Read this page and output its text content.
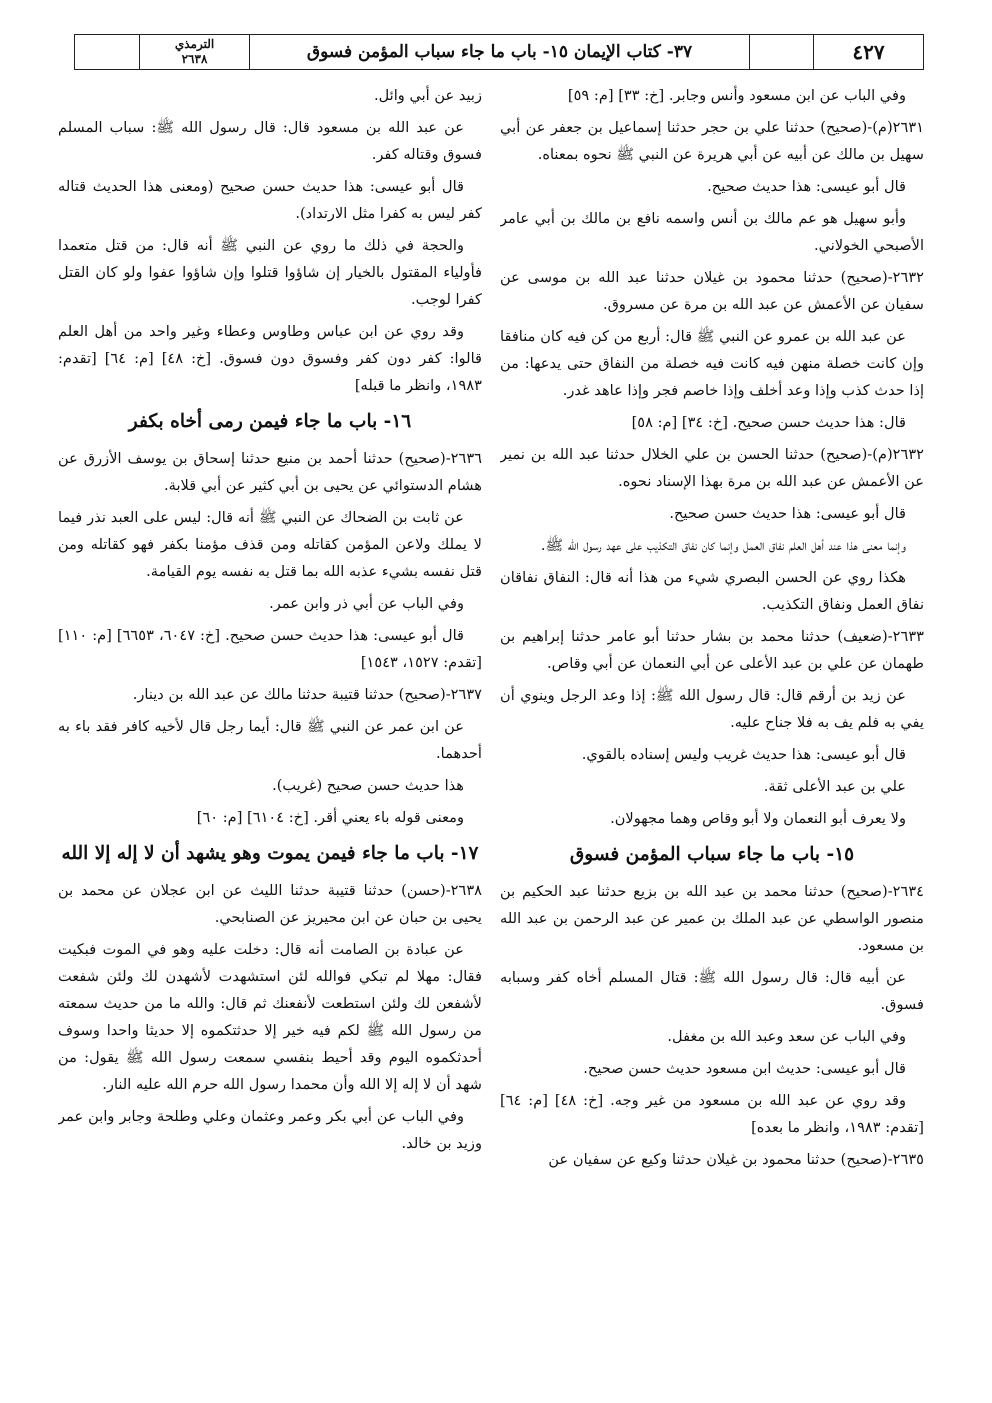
٤٢٧
٣٧- كتاب الإيمان ١٥- باب ما جاء سباب المؤمن فسوق
الترمذي
٢٦٣٨

وفي الباب عن ابن مسعود وأنس وجابر. [خ: ٣٣] [م: ٥٩]

٢٦٣١(م)-(صحيح) حدثنا علي بن حجر حدثنا إسماعيل بن جعفر عن أبي سهيل بن مالك عن أبيه عن أبي هريرة عن النبي ﷺ نحوه بمعناه.

قال أبو عيسى: هذا حديث صحيح.

وأبو سهيل هو عم مالك بن أنس واسمه نافع بن مالك بن أبي عامر الأصبحي الخولاني.

٢٦٣٢-(صحيح) حدثنا محمود بن غيلان حدثنا عبد الله بن موسى عن سفيان عن الأعمش عن عبد الله بن مرة عن مسروق.

عن عبد الله بن عمرو عن النبي ﷺ قال: أربع من كن فيه كان منافقا وإن كانت خصلة منهن فيه كانت فيه خصلة من النفاق حتى يدعها: من إذا حدث كذب وإذا وعد أخلف وإذا خاصم فجر وإذا عاهد غدر.

قال: هذا حديث حسن صحيح. [خ: ٣٤] [م: ٥٨]

٢٦٣٢(م)-(صحيح) حدثنا الحسن بن علي الخلال حدثنا عبد الله بن نمير عن الأعمش عن عبد الله بن مرة بهذا الإسناد نحوه.

قال أبو عيسى: هذا حديث حسن صحيح.

وإنما معنى هذا عند أهل العلم نفاق العمل وإنما كان نفاق التكذيب على عهد رسول الله ﷺ.

هكذا روي عن الحسن البصري شيء من هذا أنه قال: النفاق نفاقان نفاق العمل ونفاق التكذيب.

٢٦٣٣-(ضعيف) حدثنا محمد بن بشار حدثنا أبو عامر حدثنا إبراهيم بن طهمان عن علي بن عبد الأعلى عن أبي النعمان عن أبي وقاص.

عن زيد بن أرقم قال: قال رسول الله ﷺ: إذا وعد الرجل وينوي أن يفي به فلم يف به فلا جناح عليه.

قال أبو عيسى: هذا حديث غريب وليس إسناده بالقوي.

علي بن عبد الأعلى ثقة.

ولا يعرف أبو النعمان ولا أبو وقاص وهما مجهولان.

١٥- باب ما جاء سباب المؤمن فسوق

٢٦٣٤-(صحيح) حدثنا محمد بن عبد الله بن بزيع حدثنا عبد الحكيم بن منصور الواسطي عن عبد الملك بن عمير عن عبد الرحمن بن عبد الله بن مسعود.

عن أبيه قال: قال رسول الله ﷺ: قتال المسلم أخاه كفر وسبابه فسوق.

وفي الباب عن سعد وعبد الله بن مغفل.

قال أبو عيسى: حديث ابن مسعود حديث حسن صحيح.

وقد روي عن عبد الله بن مسعود من غير وجه. [خ: ٤٨] [م: ٦٤] [تقدم: ١٩٨٣، وانظر ما بعده]

٢٦٣٥-(صحيح) حدثنا محمود بن غيلان حدثنا وكيع عن سفيان عن

زبيد عن أبي وائل.

عن عبد الله بن مسعود قال: قال رسول الله ﷺ: سباب المسلم فسوق وقتاله كفر.

قال أبو عيسى: هذا حديث حسن صحيح (ومعنى هذا الحديث قتاله كفر ليس به كفرا مثل الارتداد).

والحجة في ذلك ما روي عن النبي ﷺ أنه قال: من قتل متعمدا فأولياء المقتول بالخيار إن شاؤوا قتلوا وإن شاؤوا عفوا ولو كان القتل كفرا لوجب.

وقد روي عن ابن عباس وطاوس وعطاء وغير واحد من أهل العلم قالوا: كفر دون كفر وفسوق دون فسوق. [خ: ٤٨] [م: ٦٤] [تقدم: ١٩٨٣، وانظر ما قبله]

١٦- باب ما جاء فيمن رمى أخاه بكفر

٢٦٣٦-(صحيح) حدثنا أحمد بن منيع حدثنا إسحاق بن يوسف الأزرق عن هشام الدستوائي عن يحيى بن أبي كثير عن أبي قلابة.

عن ثابت بن الضحاك عن النبي ﷺ أنه قال: ليس على العبد نذر فيما لا يملك ولاعن المؤمن كقاتله ومن قذف مؤمنا بكفر فهو كقاتله ومن قتل نفسه بشيء عذبه الله بما قتل به نفسه يوم القيامة.

وفي الباب عن أبي ذر وابن عمر.

قال أبو عيسى: هذا حديث حسن صحيح. [خ: ٦٠٤٧، ٦٦٥٣] [م: ١١٠] [تقدم: ١٥٢٧، ١٥٤٣]

٢٦٣٧-(صحيح) حدثنا قتيبة حدثنا مالك عن عبد الله بن دينار.

عن ابن عمر عن النبي ﷺ قال: أيما رجل قال لأخيه كافر فقد باء به أحدهما.

هذا حديث حسن صحيح (غريب).

ومعنى قوله باء يعني أقر. [خ: ٦١٠٤] [م: ٦٠]

١٧- باب ما جاء فيمن يموت وهو يشهد أن لا إله إلا الله

٢٦٣٨-(حسن) حدثنا قتيبة حدثنا الليث عن ابن عجلان عن محمد بن يحيى بن حبان عن ابن محيريز عن الصنابحي.

عن عبادة بن الصامت أنه قال: دخلت عليه وهو في الموت فبكيت فقال: مهلا لم تبكي فوالله لئن استشهدت لأشهدن لك ولئن شفعت لأشفعن لك ولئن استطعت لأنفعنك ثم قال: والله ما من حديث سمعته من رسول الله ﷺ لكم فيه خير إلا حدثتكموه إلا حديثا واحدا وسوف أحدثكموه اليوم وقد أحيط بنفسي سمعت رسول الله ﷺ يقول: من شهد أن لا إله إلا الله وأن محمدا رسول الله حرم الله عليه النار.

وفي الباب عن أبي بكر وعمر وعثمان وعلي وطلحة وجابر وابن عمر وزيد بن خالد.
